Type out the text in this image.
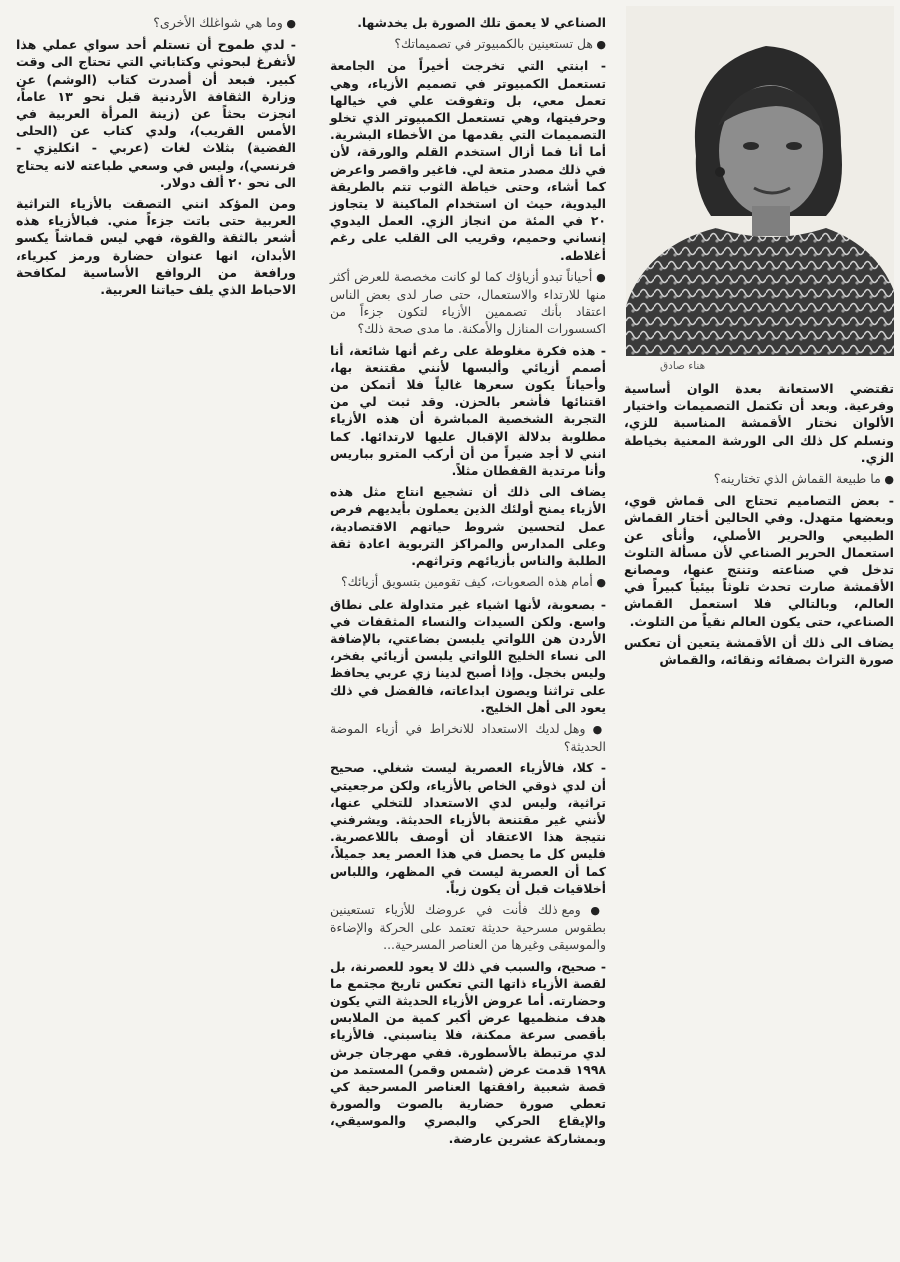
هناء صادق

● وما هي شواغلك الأخرى؟

- لدي طموح أن تستلم أحد سواي عملي هذا لأتفرغ لبحوثي وكتاباتي التي تحتاج الى وقت كبير. فبعد أن أصدرت كتاب (الوشم) عن وزارة الثقافة الأردنية قبل نحو ١٣ عاماً، انجزت بحثاً عن (زينة المرأة العربية في الأمس القريب)، ولدي كتاب عن (الحلى الفضية) بثلاث لغات (عربي - انكليزي - فرنسي)، وليس في وسعي طباعته لانه يحتاج الى نحو ٢٠ ألف دولار.

ومن المؤكد انني التصقت بالأزياء التراثية العربية حتى باتت جزءاً مني. فبالأزياء هذه أشعر بالثقة والقوة، فهي ليس قماشاً يكسو الأبدان، انها عنوان حضارة ورمز كبرياء، ورافعة من الروافع الأساسية لمكافحة الاحباط الذي يلف حياتنا العربية.

الصناعي لا يعمق تلك الصورة بل يخدشها.

● هل تستعينين بالكمبيوتر في تصميماتك؟

- ابنتي التي تخرجت أخيراً من الجامعة تستعمل الكمبيوتر في تصميم الأزياء، وهي تعمل معي، بل وتفوقت علي في خيالها وحرفيتها، وهي تستعمل الكمبيوتر الذي تخلو التصميمات التي يقدمها من الأخطاء البشرية. أما أنا فما أزال استخدم القلم والورقة، لأن في ذلك مصدر متعة لي. فاغير واقصر واعرض كما أشاء، وحتى خياطة الثوب تتم بالطريقة اليدوية، حيث ان استخدام الماكينة لا يتجاوز ٢٠ في المئة من انجاز الزي. العمل اليدوي إنساني وحميم، وقريب الى القلب على رغم أغلاطه.

● أحياناً تبدو أزياؤك كما لو كانت مخصصة للعرض أكثر منها للارتداء والاستعمال، حتى صار لدى بعض الناس اعتقاد بأنك تصممين الأزياء لتكون جزءاً من اكسسورات المنازل والأمكنة. ما مدى صحة ذلك؟

- هذه فكرة مغلوطة على رغم أنها شائعة، أنا أصمم أزيائي وألبسها لأنني مقتنعة بها، وأحياناً يكون سعرها غالياً فلا أتمكن من اقتنائها فأشعر بالحزن. وقد ثبت لي من التجربة الشخصية المباشرة أن هذه الأزياء مطلوبة بدلالة الإقبال عليها لارتدائها. كما انني لا أجد ضيراً من أن أركب المترو بباريس وأنا مرتدية القفطان مثلاً.

يضاف الى ذلك أن تشجيع انتاج مثل هذه الأزياء يمنح أولئك الذين يعملون بأيديهم فرص عمل لتحسين شروط حياتهم الاقتصادية، وعلى المدارس والمراكز التربوية اعادة ثقة الطلبة والناس بأزيائهم وتراثهم.

● أمام هذه الصعوبات، كيف تقومين بتسويق أزيائك؟

- بصعوبة، لأنها اشياء غير متداولة على نطاق واسع. ولكن السيدات والنساء المثقفات في الأردن هن اللواتي يلبسن بضاعتي، بالإضافة الى نساء الخليج اللواتي يلبسن أزيائي بفخر، وليس بخجل. وإذا أصبح لدينا زي عربي يحافظ على تراثنا ويصون ابداعاته، فالفضل في ذلك يعود الى أهل الخليج.

● وهل لديك الاستعداد للانخراط في أزياء الموضة الحديثة؟

- كلا، فالأزياء العصرية ليست شغلي. صحيح أن لدي ذوقي الخاص بالأزياء، ولكن مرجعيتي تراثية، وليس لدي الاستعداد للتخلي عنها، لأنني غير مقتنعة بالأزياء الحديثة. ويشرفني نتيجة هذا الاعتقاد أن أوصف باللاعصرية. فليس كل ما يحصل في هذا العصر يعد جميلاً، كما أن العصرية ليست في المظهر، واللباس أخلاقيات قبل أن يكون زياً.

● ومع ذلك فأنت في عروضك للأزياء تستعينين بطقوس مسرحية حديثة تعتمد على الحركة والإضاءة والموسيقى وغيرها من العناصر المسرحية...

- صحيح، والسبب في ذلك لا يعود للعصرنة، بل لقصة الأزياء ذاتها التي تعكس تاريخ مجتمع ما وحضارته. أما عروض الأزياء الحديثة التي يكون هدف منظميها عرض أكبر كمية من الملابس بأقصى سرعة ممكنة، فلا يناسبني. فالأزياء لدي مرتبطة بالأسطورة. ففي مهرجان جرش ١٩٩٨ قدمت عرض (شمس وقمر) المستمد من قصة شعبية رافقتها العناصر المسرحية كي تعطي صورة حضارية بالصوت والصورة والإيقاع الحركي والبصري والموسيقي، وبمشاركة عشرين عارضة.

تقتضي الاستعانة بعدة الوان أساسية وفرعية. وبعد أن تكتمل التصميمات واختيار الألوان نختار الأقمشة المناسبة للزي، ونسلم كل ذلك الى الورشة المعنية بخياطة الزي.

● ما طبيعة القماش الذي تختارينه؟

- بعض التصاميم تحتاج الى قماش قوي، وبعضها متهدل. وفي الحالين أختار القماش الطبيعي والحرير الأصلي، وأنأى عن استعمال الحرير الصناعي لأن مسألة التلوث تدخل في صناعته وتنتج عنها، ومصانع الأقمشة صارت تحدث تلوثاً بيئياً كبيراً في العالم، وبالتالي فلا استعمل القماش الصناعي، حتى يكون العالم نقياً من التلوث.

يضاف الى ذلك أن الأقمشة يتعين أن تعكس صورة التراث بصفائه ونقائه، والقماش
